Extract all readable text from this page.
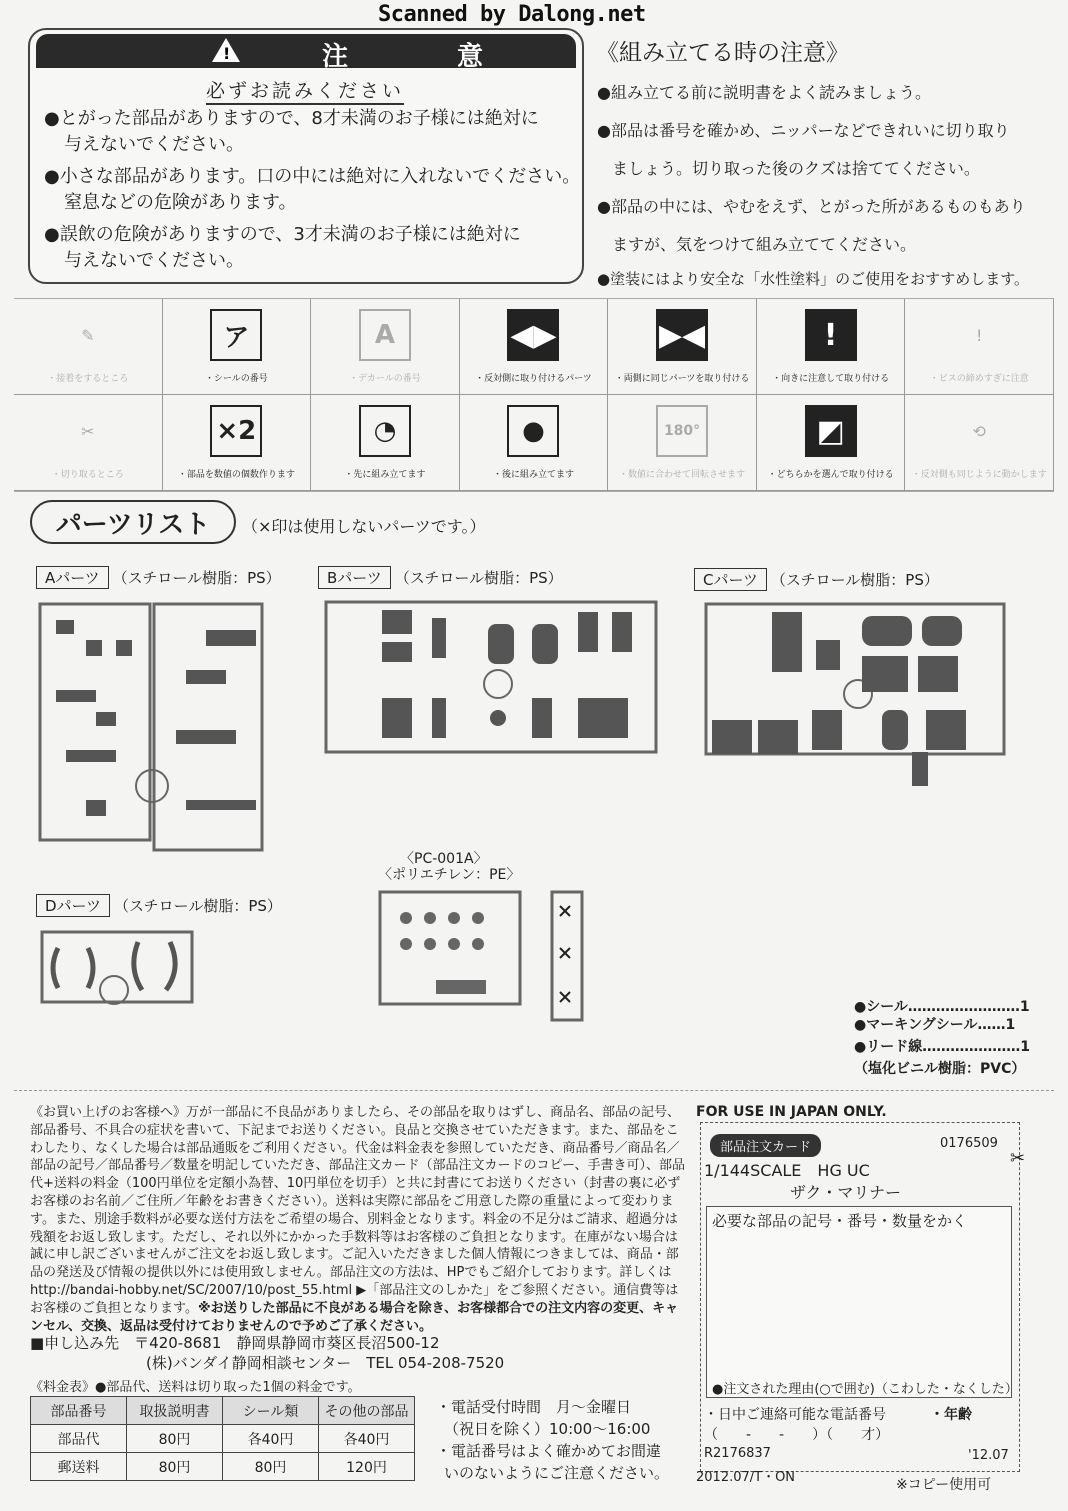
Scanned by Dalong.net
!	注 意
必ずお読みください
●とがった部品がありますので、8才未満のお子様には絶対に
与えないでください。
●小さな部品があります。口の中には絶対に入れないでください。
窒息などの危険があります。
●誤飲の危険がありますので、3才未満のお子様には絶対に
与えないでください。
《組み立てる時の注意》
●組み立てる前に説明書をよく読みましょう。
●部品は番号を確かめ、ニッパーなどできれいに切り取り
ましょう。切り取った後のクズは捨ててください。
●部品の中には、やむをえず、とがった所があるものもあり
ますが、気をつけて組み立ててください。
●塗装にはより安全な「水性塗料」のご使用をおすすめします。
✎
・接着をするところ
ア
・シールの番号
A
・デカールの番号
◀▶
・反対側に取り付けるパーツ
▶◀
・両側に同じパーツを取り付ける
!
・向きに注意して取り付ける
!
・ビスの締めすぎに注意
✂
・切り取るところ
×2
・部品を数値の個数作ります
◔
・先に組み立てます
●
・後に組み立てます
180°
・数値に合わせて回転させます
◩
・どちらかを選んで取り付ける
⟲
・反対側も同じように動かします
パーツリスト	（×印は使用しないパーツです。）
Aパーツ （スチロール樹脂：PS）	Bパーツ （スチロール樹脂：PS）	Cパーツ （スチロール樹脂：PS）
Dパーツ （スチロール樹脂：PS）
〈PC-001A〉
〈ポリエチレン：PE〉
●シール……………………1
●マーキングシール……1
●リード線…………………1
（塩化ビニル樹脂：PVC）
《お買い上げのお客様へ》万が一部品に不良品がありましたら、その部品を取りはずし、商品名、部品の記号、部品番号、不具合の症状を書いて、下記までお送りください。良品と交換させていただきます。また、部品をこわしたり、なくした場合は部品通販をご利用ください。代金は料金表を参照していただき、商品番号／商品名／部品の記号／部品番号／数量を明記していただき、部品注文カード（部品注文カードのコピー、手書き可）、部品代+送料の料金（100円単位を定額小為替、10円単位を切手）と共に封書にてお送りください（封書の裏に必ずお客様のお名前／ご住所／年齢をお書きください）。送料は実際に部品をご用意した際の重量によって変わります。また、別途手数料が必要な送付方法をご希望の場合、別料金となります。料金の不足分はご請求、超過分は残額をお返し致します。ただし、それ以外にかかった手数料等はお客様のご負担となります。在庫がない場合は誠に申し訳ございませんがご注文をお返し致します。ご記入いただきました個人情報につきましては、商品・部品の発送及び情報の提供以外には使用致しません。部品注文の方法は、HPでもご紹介しております。詳しくは http://bandai-hobby.net/SC/2007/10/post_55.html ▶「部品注文のしかた」をご参照ください。通信費等はお客様のご負担となります。※お送りした部品に不良がある場合を除き、お客様都合での注文内容の変更、キャンセル、交換、返品は受付けておりませんので予めご了承ください。
■申し込み先　〒420-8681　静岡県静岡市葵区長沼500-12
(株)バンダイ静岡相談センター　TEL 054-208-7520
《料金表》●部品代、送料は切り取った1個の料金です。
部品番号	取扱説明書	シール類	その他の部品
部品代	80円	各40円	各40円
郵送料	80円	80円	120円
・電話受付時間　月〜金曜日
（祝日を除く）10:00〜16:00
・電話番号はよく確かめてお間違
いのないようにご注意ください。
FOR USE IN JAPAN ONLY.
部品注文カード	0176509
✂
1/144SCALE　HG UC
ザク・マリナー
必要な部品の記号・番号・数量をかく
●注文された理由(○で囲む)（こわした・なくした）
・日中ご連絡可能な電話番号	・年齢
（　　-　　-　　）（　　才）
R2176837	'12.07
2012.07/T・ON	※コピー使用可
